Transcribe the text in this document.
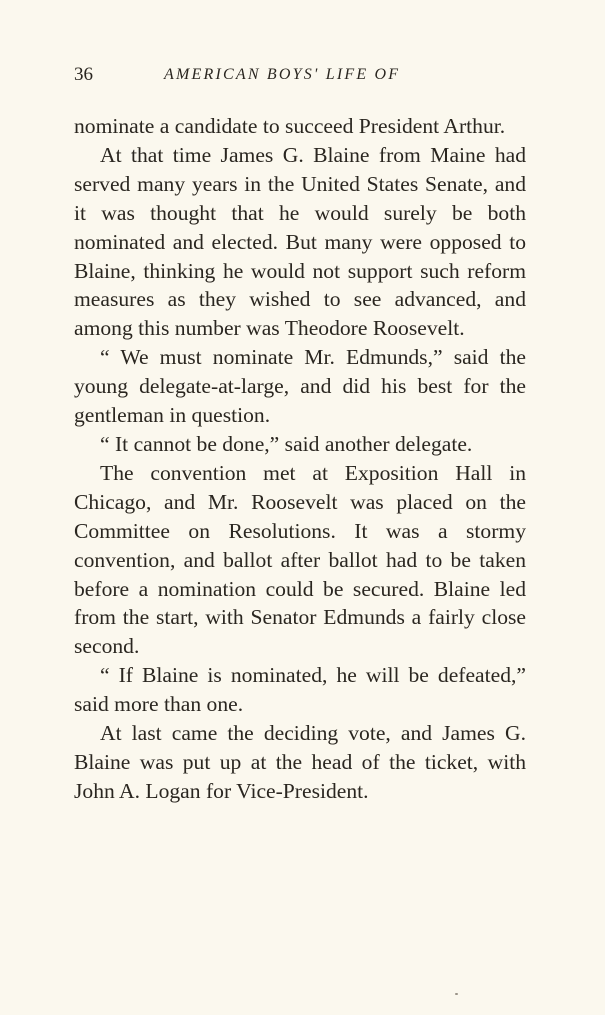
36	AMERICAN BOYS' LIFE OF

nominate a candidate to succeed President Arthur.

At that time James G. Blaine from Maine had served many years in the United States Senate, and it was thought that he would surely be both nominated and elected. But many were opposed to Blaine, thinking he would not support such reform measures as they wished to see advanced, and among this number was Theodore Roosevelt.

“ We must nominate Mr. Edmunds,” said the young delegate-at-large, and did his best for the gentleman in question.

“ It cannot be done,” said another delegate.

The convention met at Exposition Hall in Chicago, and Mr. Roosevelt was placed on the Committee on Resolutions. It was a stormy convention, and ballot after ballot had to be taken before a nomination could be secured. Blaine led from the start, with Senator Edmunds a fairly close second.

“ If Blaine is nominated, he will be defeated,” said more than one.

At last came the deciding vote, and James G. Blaine was put up at the head of the ticket, with John A. Logan for Vice-President.
